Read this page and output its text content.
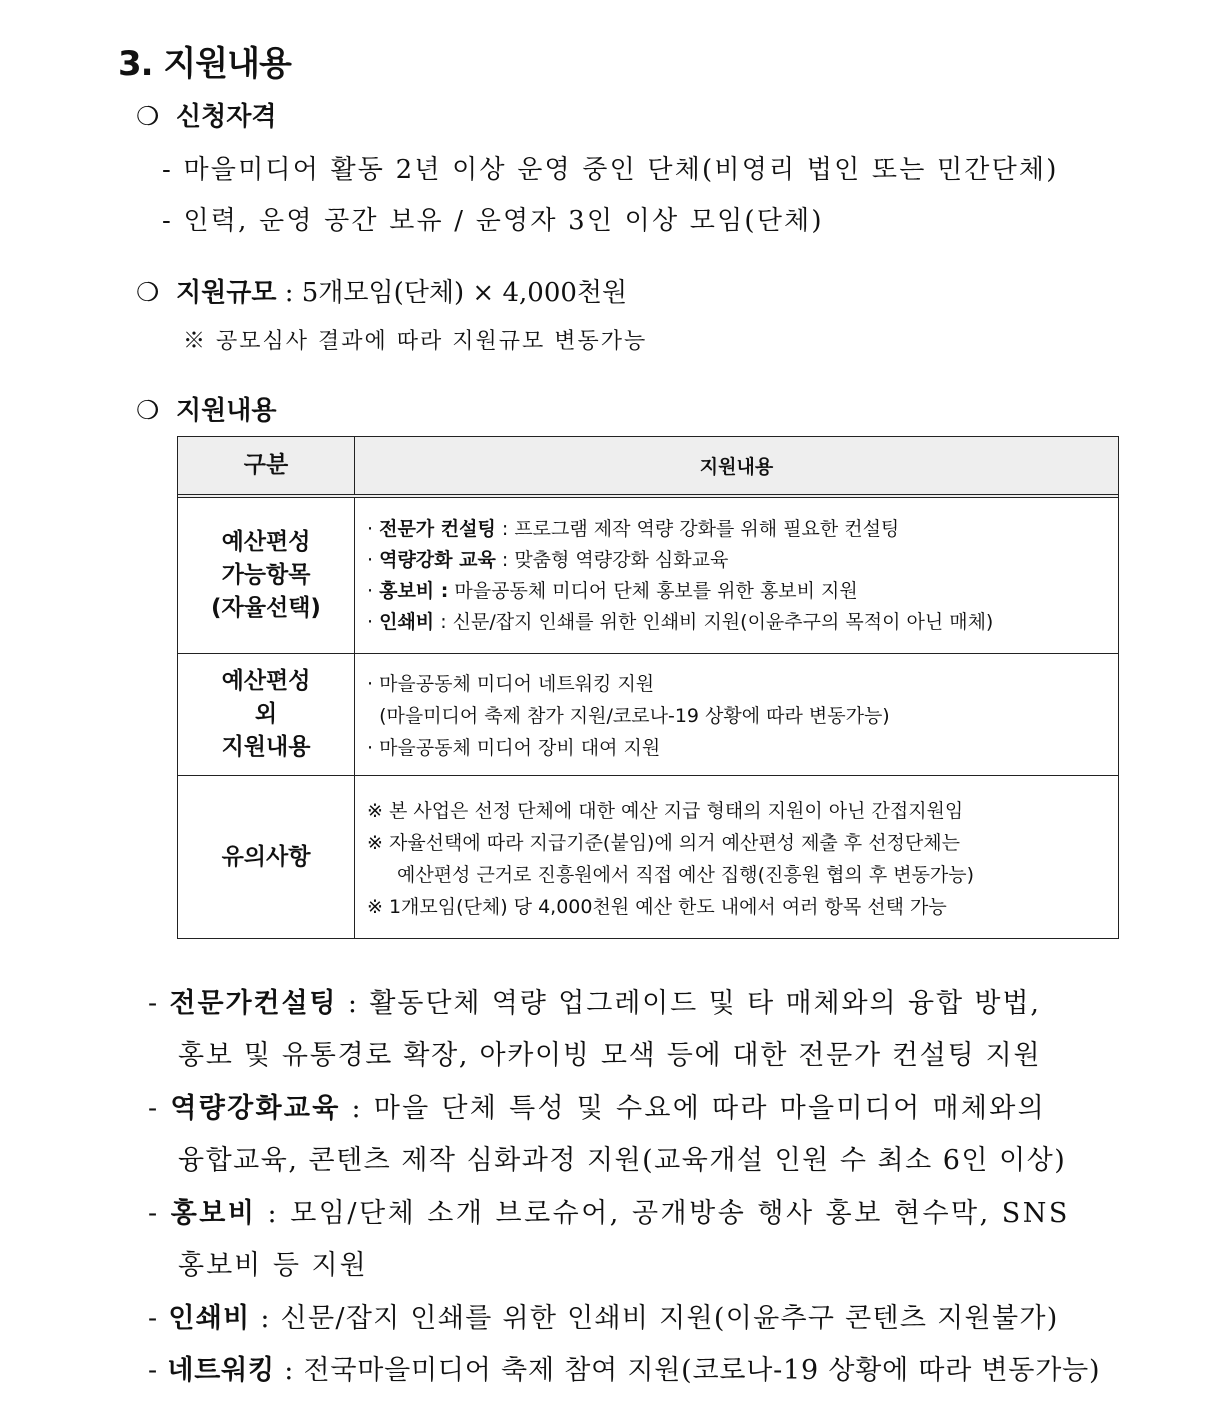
3. 지원내용
❍ 신청자격
- 마을미디어 활동 2년 이상 운영 중인 단체(비영리 법인 또는 민간단체)
- 인력, 운영 공간 보유 / 운영자 3인 이상 모임(단체)
❍ 지원규모 : 5개모임(단체) × 4,000천원
※ 공모심사 결과에 따라 지원규모 변동가능
❍ 지원내용
구분	지원내용
예산편성
가능항목
(자율선택)
· 전문가 컨설팅 : 프로그램 제작 역량 강화를 위해 필요한 컨설팅
· 역량강화 교육 : 맞춤형 역량강화 심화교육
· 홍보비 : 마을공동체 미디어 단체 홍보를 위한 홍보비 지원
· 인쇄비 : 신문/잡지 인쇄를 위한 인쇄비 지원(이윤추구의 목적이 아닌 매체)
예산편성
외
지원내용
· 마을공동체 미디어 네트워킹 지원
(마을미디어 축제 참가 지원/코로나-19 상황에 따라 변동가능)
· 마을공동체 미디어 장비 대여 지원
유의사항
※ 본 사업은 선정 단체에 대한 예산 지급 형태의 지원이 아닌 간접지원임
※ 자율선택에 따라 지급기준(붙임)에 의거 예산편성 제출 후 선정단체는
예산편성 근거로 진흥원에서 직접 예산 집행(진흥원 협의 후 변동가능)
※ 1개모임(단체) 당 4,000천원 예산 한도 내에서 여러 항목 선택 가능
- 전문가컨설팅 : 활동단체 역량 업그레이드 및 타 매체와의 융합 방법,
홍보 및 유통경로 확장, 아카이빙 모색 등에 대한 전문가 컨설팅 지원
- 역량강화교육 : 마을 단체 특성 및 수요에 따라 마을미디어 매체와의
융합교육, 콘텐츠 제작 심화과정 지원(교육개설 인원 수 최소 6인 이상)
- 홍보비 : 모임/단체 소개 브로슈어, 공개방송 행사 홍보 현수막, SNS
홍보비 등 지원
- 인쇄비 : 신문/잡지 인쇄를 위한 인쇄비 지원(이윤추구 콘텐츠 지원불가)
- 네트워킹 : 전국마을미디어 축제 참여 지원(코로나-19 상황에 따라 변동가능)
